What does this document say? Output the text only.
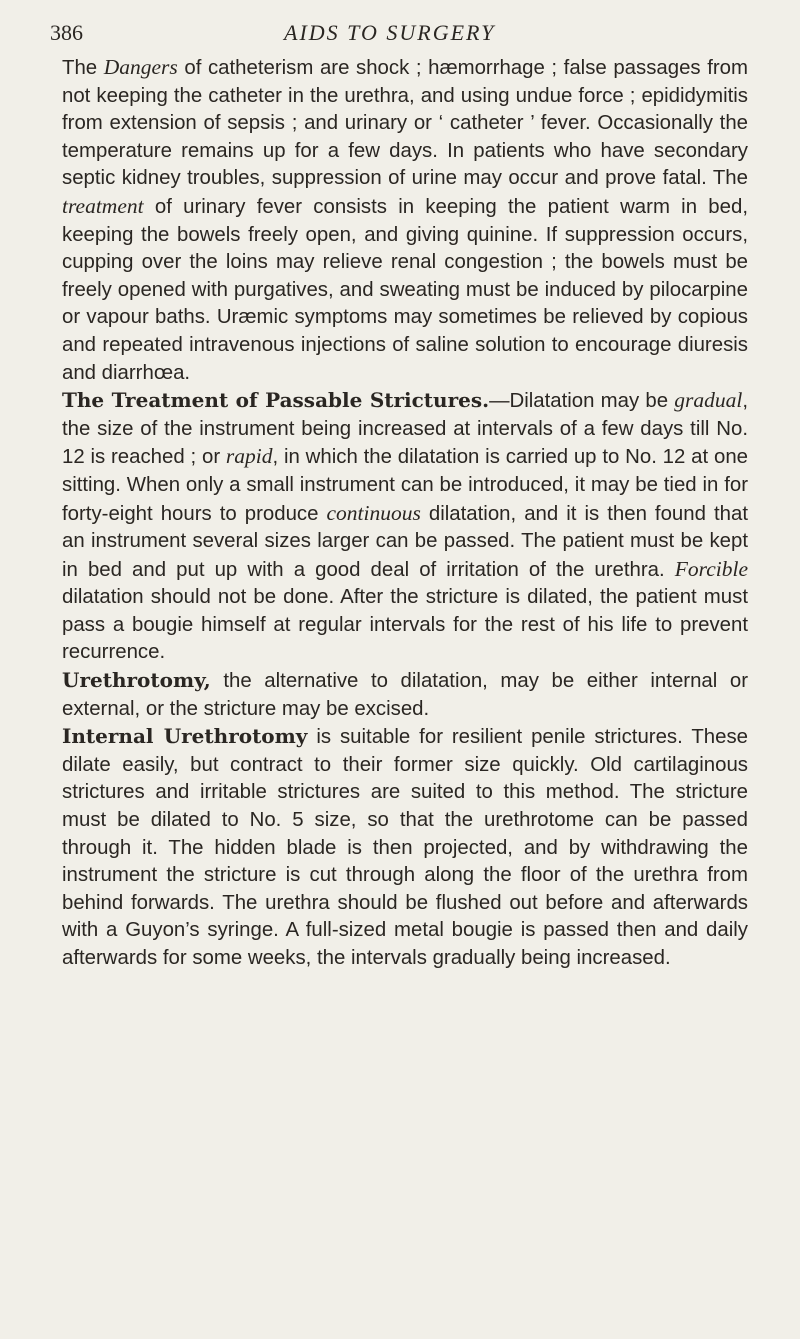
386	AIDS TO SURGERY

The Dangers of catheterism are shock ; hæmorrhage ; false passages from not keeping the catheter in the urethra, and using undue force ; epididymitis from extension of sepsis ; and urinary or ‘ catheter ’ fever. Occasionally the temperature remains up for a few days. In patients who have secondary septic kidney troubles, suppression of urine may occur and prove fatal. The treatment of urinary fever consists in keeping the patient warm in bed, keeping the bowels freely open, and giving quinine. If suppression occurs, cupping over the loins may relieve renal congestion ; the bowels must be freely opened with purgatives, and sweating must be induced by pilocarpine or vapour baths. Uræmic symptoms may sometimes be relieved by copious and repeated intravenous injections of saline solution to encourage diuresis and diarrhœa.

The Treatment of Passable Strictures.—Dilatation may be gradual, the size of the instrument being increased at intervals of a few days till No. 12 is reached ; or rapid, in which the dilatation is carried up to No. 12 at one sitting. When only a small instrument can be introduced, it may be tied in for forty-eight hours to produce continuous dilatation, and it is then found that an instrument several sizes larger can be passed. The patient must be kept in bed and put up with a good deal of irritation of the urethra. Forcible dilatation should not be done. After the stricture is dilated, the patient must pass a bougie himself at regular intervals for the rest of his life to prevent recurrence.

Urethrotomy, the alternative to dilatation, may be either internal or external, or the stricture may be excised.

Internal Urethrotomy is suitable for resilient penile strictures. These dilate easily, but contract to their former size quickly. Old cartilaginous strictures and irritable strictures are suited to this method. The stricture must be dilated to No. 5 size, so that the urethrotome can be passed through it. The hidden blade is then projected, and by withdrawing the instrument the stricture is cut through along the floor of the urethra from behind forwards. The urethra should be flushed out before and afterwards with a Guyon’s syringe. A full-sized metal bougie is passed then and daily afterwards for some weeks, the intervals gradually being increased.
